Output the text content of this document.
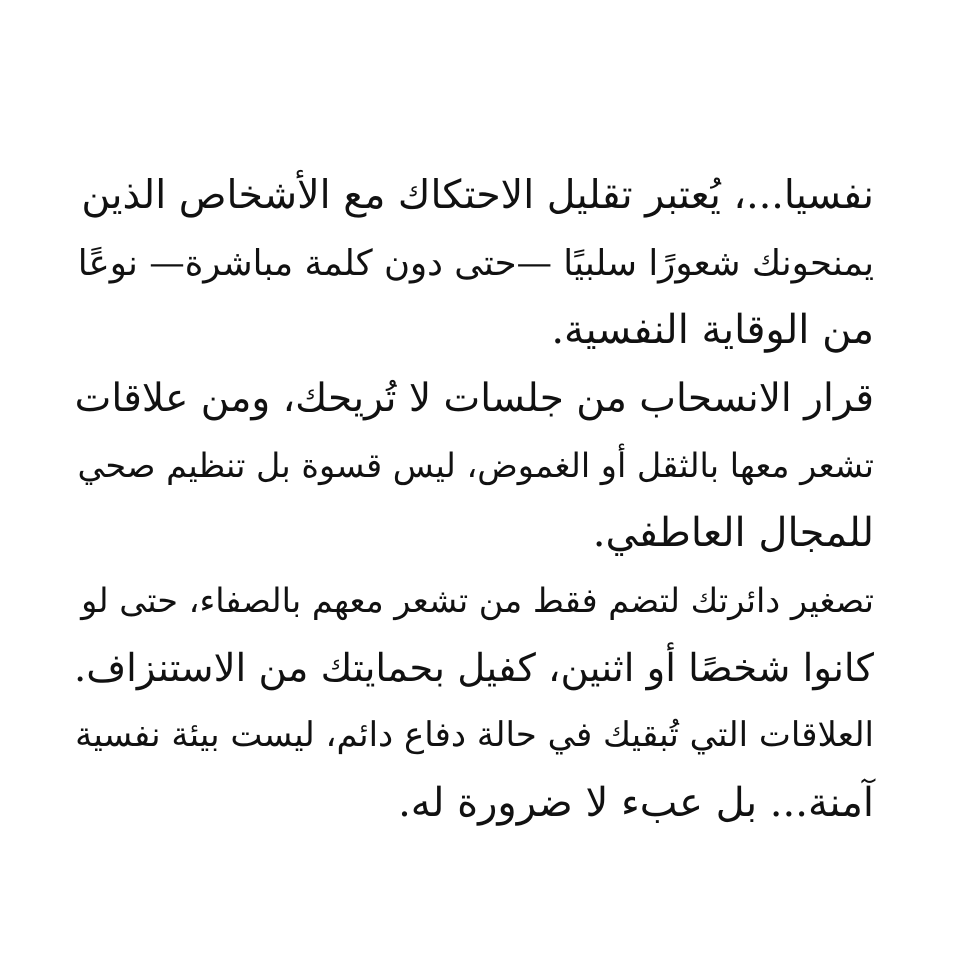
نفسيا...، يُعتبر تقليل الاحتكاك مع الأشخاص الذين
يمنحونك شعورًا سلبيًا —حتى دون كلمة مباشرة— نوعًا
من الوقاية النفسية.
قرار الانسحاب من جلسات لا تُريحك، ومن علاقات
تشعر معها بالثقل أو الغموض، ليس قسوة بل تنظيم صحي
للمجال العاطفي.
تصغير دائرتك لتضم فقط من تشعر معهم بالصفاء، حتى لو
كانوا شخصًا أو اثنين، كفيل بحمايتك من الاستنزاف.
العلاقات التي تُبقيك في حالة دفاع دائم، ليست بيئة نفسية
آمنة... بل عبء لا ضرورة له.
